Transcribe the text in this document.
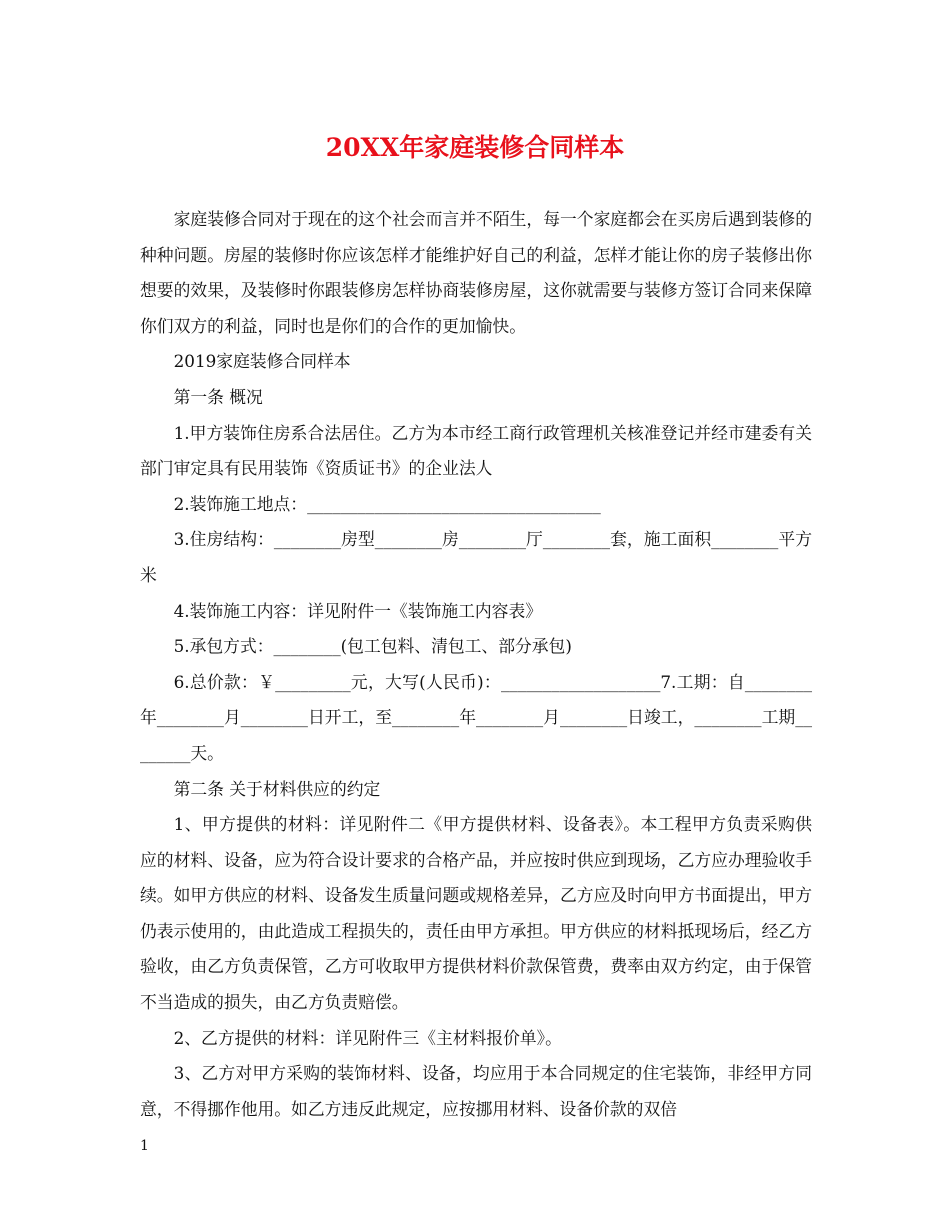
20XX年家庭装修合同样本

家庭装修合同对于现在的这个社会而言并不陌生，每一个家庭都会在买房后遇到装修的种种问题。房屋的装修时你应该怎样才能维护好自己的利益，怎样才能让你的房子装修出你想要的效果，及装修时你跟装修房怎样协商装修房屋，这你就需要与装修方签订合同来保障你们双方的利益，同时也是你们的合作的更加愉快。

2019家庭装修合同样本

第一条 概况

1.甲方装饰住房系合法居住。乙方为本市经工商行政管理机关核准登记并经市建委有关部门审定具有民用装饰《资质证书》的企业法人

2.装饰施工地点：___________________________________

3.住房结构：________房型________房________厅________套，施工面积________平方米

4.装饰施工内容：详见附件一《装饰施工内容表》

5.承包方式：________(包工包料、清包工、部分承包)

6.总价款：￥_________元，大写(人民币)：___________________7.工期：自________年________月________日开工，至________年________月________日竣工，________工期________天。

第二条 关于材料供应的约定

1、甲方提供的材料：详见附件二《甲方提供材料、设备表》。本工程甲方负责采购供应的材料、设备，应为符合设计要求的合格产品，并应按时供应到现场，乙方应办理验收手续。如甲方供应的材料、设备发生质量问题或规格差异，乙方应及时向甲方书面提出，甲方仍表示使用的，由此造成工程损失的，责任由甲方承担。甲方供应的材料抵现场后，经乙方验收，由乙方负责保管，乙方可收取甲方提供材料价款保管费，费率由双方约定，由于保管不当造成的损失，由乙方负责赔偿。

2、乙方提供的材料：详见附件三《主材料报价单》。

3、乙方对甲方采购的装饰材料、设备，均应用于本合同规定的住宅装饰，非经甲方同意，不得挪作他用。如乙方违反此规定，应按挪用材料、设备价款的双倍

1
